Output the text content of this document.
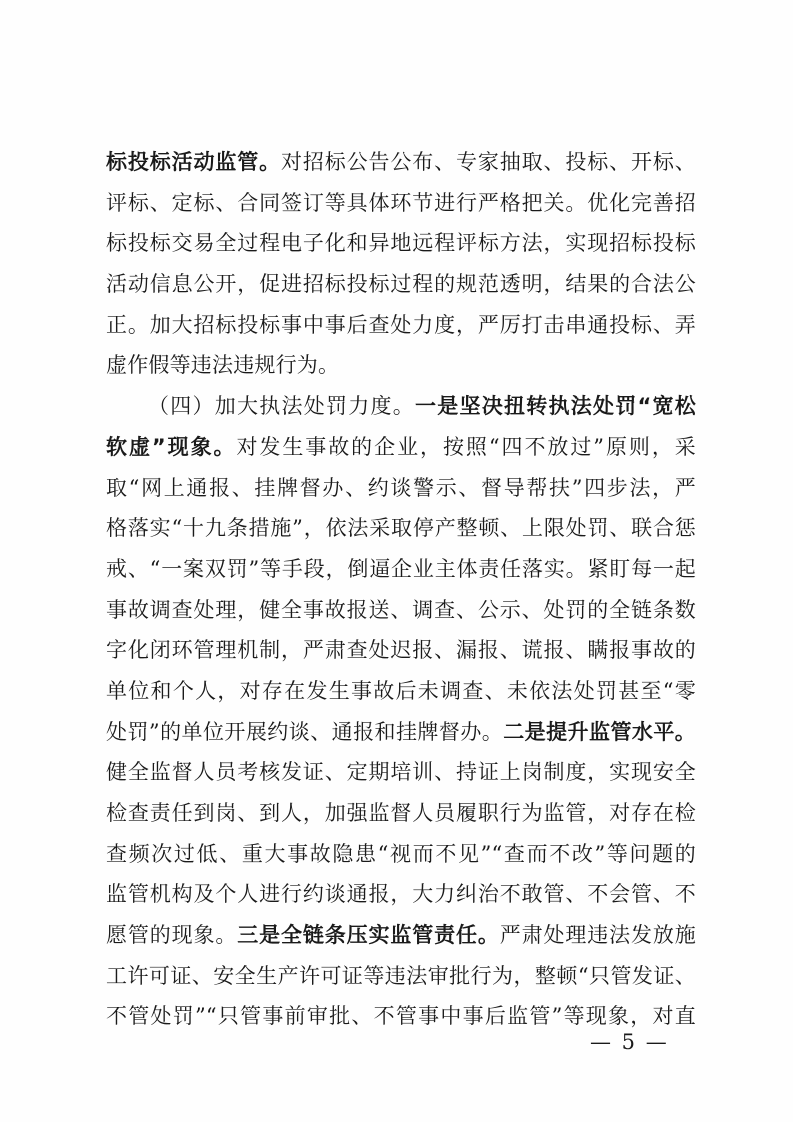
标投标活动监管。对招标公告公布、专家抽取、投标、开标、
评标、定标、合同签订等具体环节进行严格把关。优化完善招
标投标交易全过程电子化和异地远程评标方法，实现招标投标
活动信息公开，促进招标投标过程的规范透明，结果的合法公
正。加大招标投标事中事后查处力度，严厉打击串通投标、弄
虚作假等违法违规行为。
（四）加大执法处罚力度。一是坚决扭转执法处罚“宽松
软虚”现象。对发生事故的企业，按照“四不放过”原则，采
取“网上通报、挂牌督办、约谈警示、督导帮扶”四步法，严
格落实“十九条措施”，依法采取停产整顿、上限处罚、联合惩
戒、“一案双罚”等手段，倒逼企业主体责任落实。紧盯每一起
事故调查处理，健全事故报送、调查、公示、处罚的全链条数
字化闭环管理机制，严肃查处迟报、漏报、谎报、瞒报事故的
单位和个人，对存在发生事故后未调查、未依法处罚甚至“零
处罚”的单位开展约谈、通报和挂牌督办。二是提升监管水平。
健全监督人员考核发证、定期培训、持证上岗制度，实现安全
检查责任到岗、到人，加强监督人员履职行为监管，对存在检
查频次过低、重大事故隐患“视而不见”“查而不改”等问题的
监管机构及个人进行约谈通报，大力纠治不敢管、不会管、不
愿管的现象。三是全链条压实监管责任。严肃处理违法发放施
工许可证、安全生产许可证等违法审批行为，整顿“只管发证、
不管处罚”“只管事前审批、不管事中事后监管”等现象，对直
— 5 —
